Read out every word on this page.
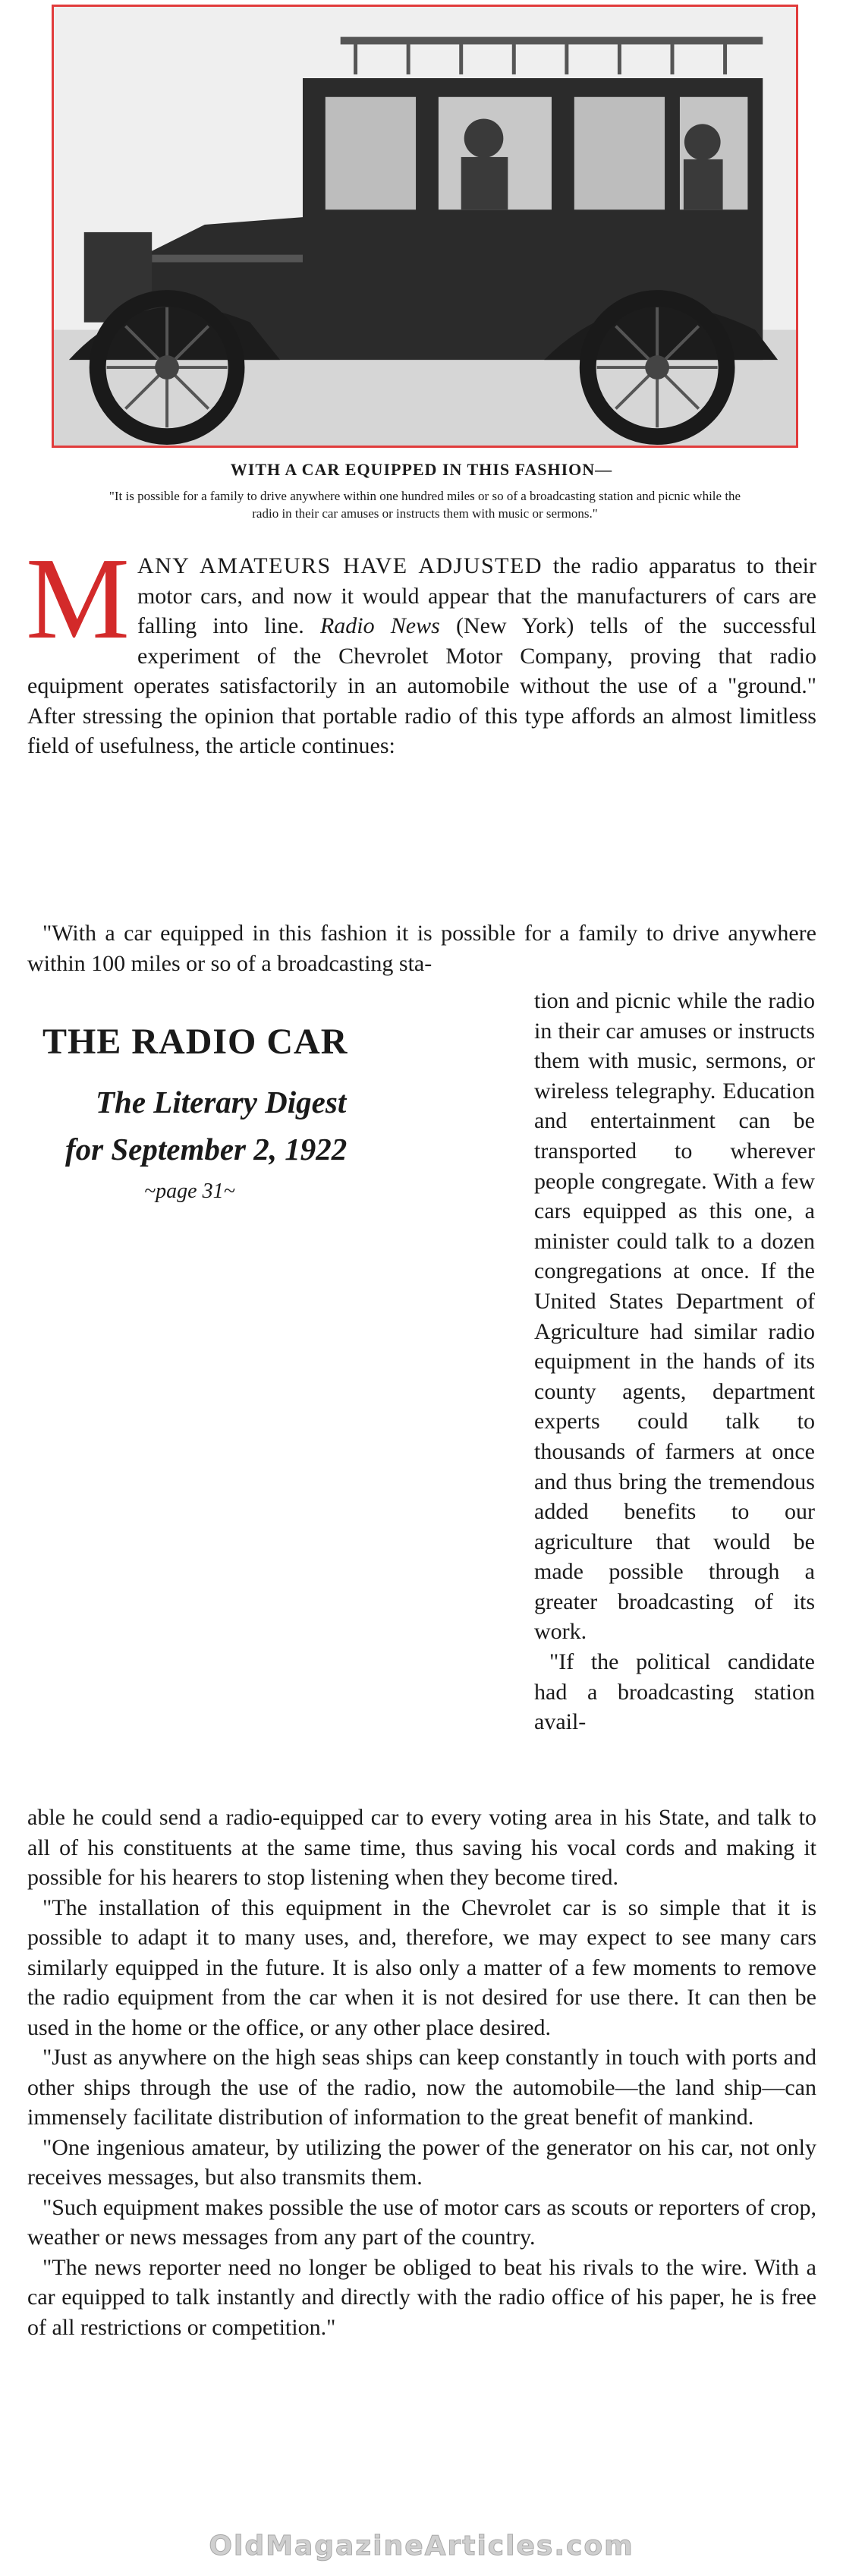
WITH A CAR EQUIPPED IN THIS FASHION—
"It is possible for a family to drive anywhere within one hundred miles or so of a broadcasting station and picnic while the radio in their car amuses or instructs them with music or sermons."

MANY AMATEURS HAVE ADJUSTED the radio apparatus to their motor cars, and now it would appear that the manufacturers of cars are falling into line. Radio News (New York) tells of the successful experiment of the Chevrolet Motor Company, proving that radio equipment operates satisfactorily in an automobile without the use of a "ground." After stressing the opinion that portable radio of this type affords an almost limitless field of usefulness, the article continues:

"With a car equipped in this fashion it is possible for a family to drive anywhere within 100 miles or so of a broadcasting sta-

THE RADIO CAR

The Literary Digest

for September 2, 1922

~page 31~

tion and picnic while the radio in their car amuses or instructs them with music, sermons, or wireless telegraphy. Education and entertainment can be transported to wherever people congregate. With a few cars equipped as this one, a minister could talk to a dozen congregations at once. If the United States Department of Agriculture had similar radio equipment in the hands of its county agents, department experts could talk to thousands of farmers at once and thus bring the tremendous added benefits to our agriculture that would be made possible through a greater broadcasting of its work.

"If the political candidate had a broadcasting station avail-

able he could send a radio-equipped car to every voting area in his State, and talk to all of his constituents at the same time, thus saving his vocal cords and making it possible for his hearers to stop listening when they become tired.

"The installation of this equipment in the Chevrolet car is so simple that it is possible to adapt it to many uses, and, therefore, we may expect to see many cars similarly equipped in the future. It is also only a matter of a few moments to remove the radio equipment from the car when it is not desired for use there. It can then be used in the home or the office, or any other place desired.

"Just as anywhere on the high seas ships can keep constantly in touch with ports and other ships through the use of the radio, now the automobile—the land ship—can immensely facilitate distribution of information to the great benefit of mankind.

"One ingenious amateur, by utilizing the power of the generator on his car, not only receives messages, but also transmits them.

"Such equipment makes possible the use of motor cars as scouts or reporters of crop, weather or news messages from any part of the country.

"The news reporter need no longer be obliged to beat his rivals to the wire. With a car equipped to talk instantly and directly with the radio office of his paper, he is free of all restrictions or competition."

OldMagazineArticles.com
